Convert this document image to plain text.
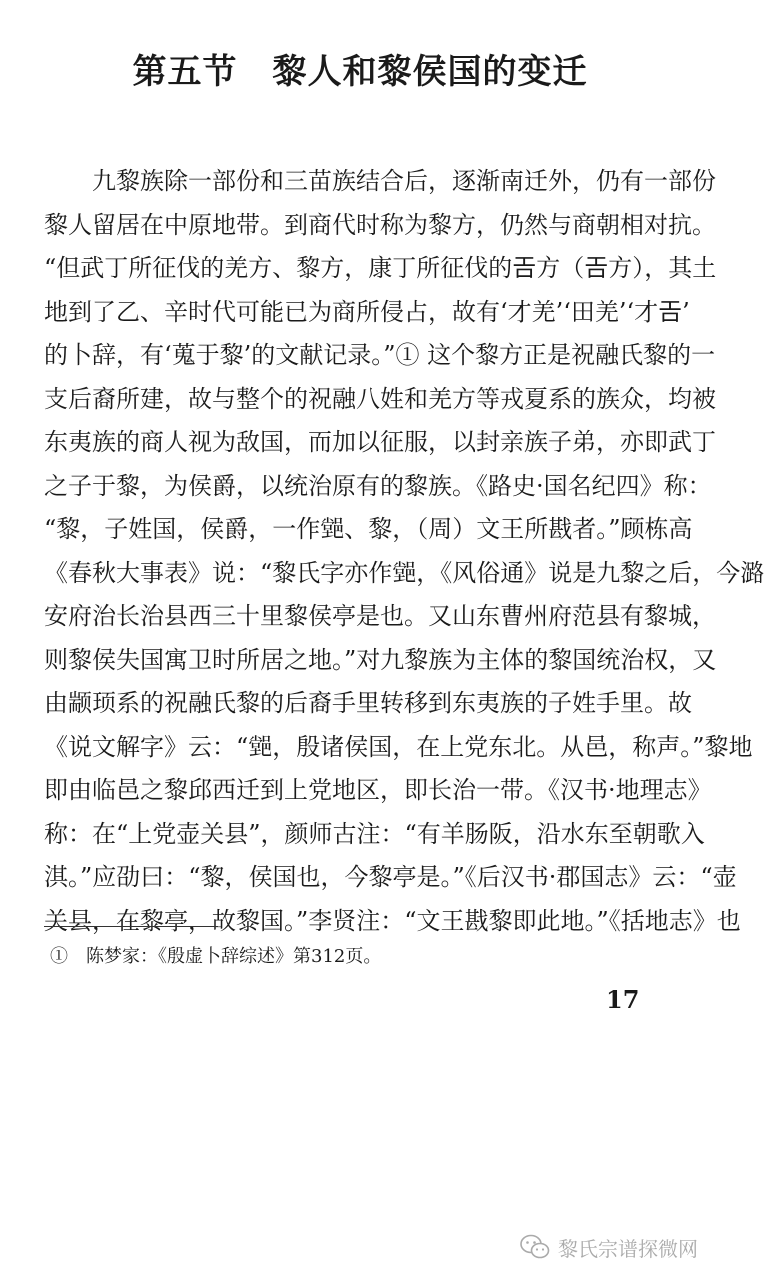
第五节　黎人和黎侯国的变迁
　　九黎族除一部份和三苗族结合后，逐渐南迁外，仍有一部份
黎人留居在中原地带。到商代时称为黎方，仍然与商朝相对抗。
“但武丁所征伐的羌方、黎方，康丁所征伐的𢀛方（𢀛方），其土
地到了乙、辛时代可能已为商所侵占，故有‘才羌’‘田羌’‘才𢀛’
的卜辞，有‘蒐于黎’的文献记录。”① 这个黎方正是祝融氏黎的一
支后裔所建，故与整个的祝融八姓和羌方等戎夏系的族众，均被
东夷族的商人视为敌国，而加以征服，以封亲族子弟，亦即武丁
之子于黎，为侯爵，以统治原有的黎族。《路史·国名纪四》称：
“黎，子姓国，侯爵，一作𨝦、黎，（周）文王所戡者。”顾栋高
《春秋大事表》说：“黎氏字亦作𨝦，《风俗通》说是九黎之后，今潞
安府治长治县西三十里黎侯亭是也。又山东曹州府范县有黎城，
则黎侯失国寓卫时所居之地。”对九黎族为主体的黎国统治权，又
由颛顼系的祝融氏黎的后裔手里转移到东夷族的子姓手里。故
《说文解字》云：“𨝦，殷诸侯国，在上党东北。从邑，称声。”黎地
即由临邑之黎邱西迁到上党地区，即长治一带。《汉书·地理志》
称：在“上党壶关县”，颜师古注：“有羊肠阪，沿水东至朝歌入
淇。”应劭曰：“黎，侯国也，今黎亭是。”《后汉书·郡国志》云：“壶
关县，在黎亭，故黎国。”李贤注：“文王戡黎即此地。”《括地志》也
①　陈梦家：《殷虚卜辞综述》第312页。
17
黎氏宗谱探微网
